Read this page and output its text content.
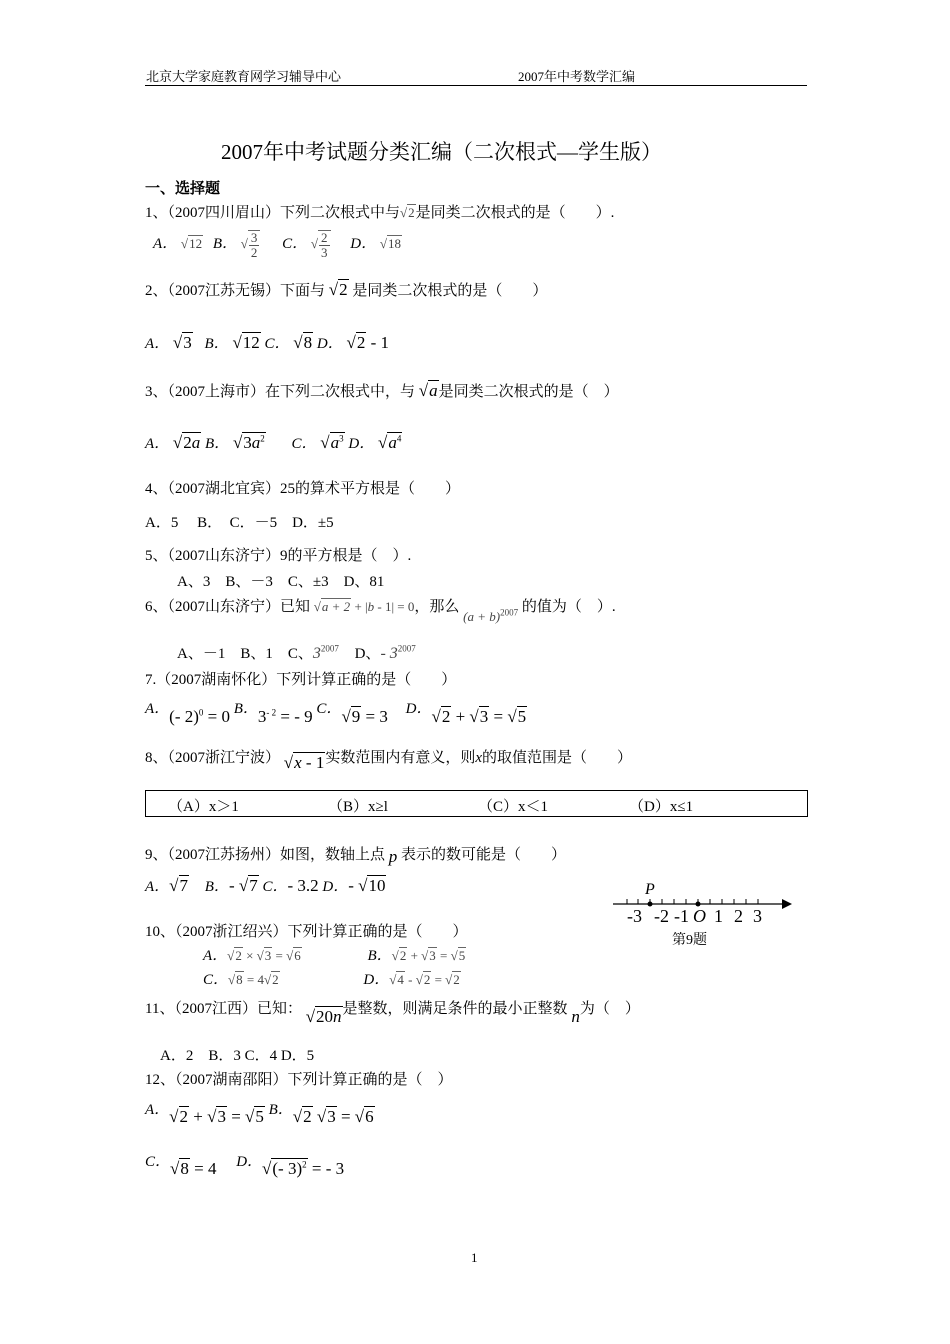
北京大学家庭教育网学习辅导中心	2007年中考数学汇编
2007年中考试题分类汇编（二次根式—学生版）
一、选择题
1、（2007四川眉山）下列二次根式中与√2是同类二次根式的是（　　）.
A． √12 B． √ $\frac{3}{2}$ C． √ $\frac{2}{3}$ D． √18
2、（2007江苏无锡）下面与 √2 是同类二次根式的是（　　）
A． √3 B． √12 C． √8 D． √2 - 1
3、（2007上海市）在下列二次根式中，与 √a是同类二次根式的是（　）
A． √2a B． $√3a^2$ C． $√a^3$ D． $√a^4$
4、（2007湖北宜宾）25的算术平方根是（　　）
A．5　 B．　C．－5　D．±5
5、（2007山东济宁）9的平方根是（　）.
A、3　B、－3　C、±3　D、81
6、（2007山东济宁）已知 √a + 2 + |b - 1| = 0，那么 $(a + b)^{2007}$ 的值为（　）.
A、－1　B、1　C、$3^{2007}$ D、- $3^{2007}$
7.（2007湖南怀化）下列计算正确的是（　　）
A．(- 2)$^0$ = 0 B．$3^{- 2}$ = - 9 C．√9 = 3 D．√2 + √3 = √5
8、（2007浙江宁波） √x - 1实数范围内有意义，则x的取值范围是（　　）
（A）x＞1	（B）x≥l	（C）x＜1	（D）x≤1
9、（2007江苏扬州）如图，数轴上点 p 表示的数可能是（　　）
A．√7 B．- √7 C．- 3.2 D．- √10	P
-3 -2 -1 O 1 2 3
第9题
10、（2007浙江绍兴）下列计算正确的是（　　）
A．√2 × √3 = √6	B．√2 + √3 = √5
C．√8 = 4√2	D．√4 - √2 = √2
11、（2007江西）已知： √20n是整数，则满足条件的最小正整数 n为（　）
A．2　B．3 C．4 D．5
12、（2007湖南邵阳）下列计算正确的是（　）
A．√2 + √3 = √5 B．√2 √3 = √6
C．√8 = 4 D．√(- 3)$^2$ = - 3
1
